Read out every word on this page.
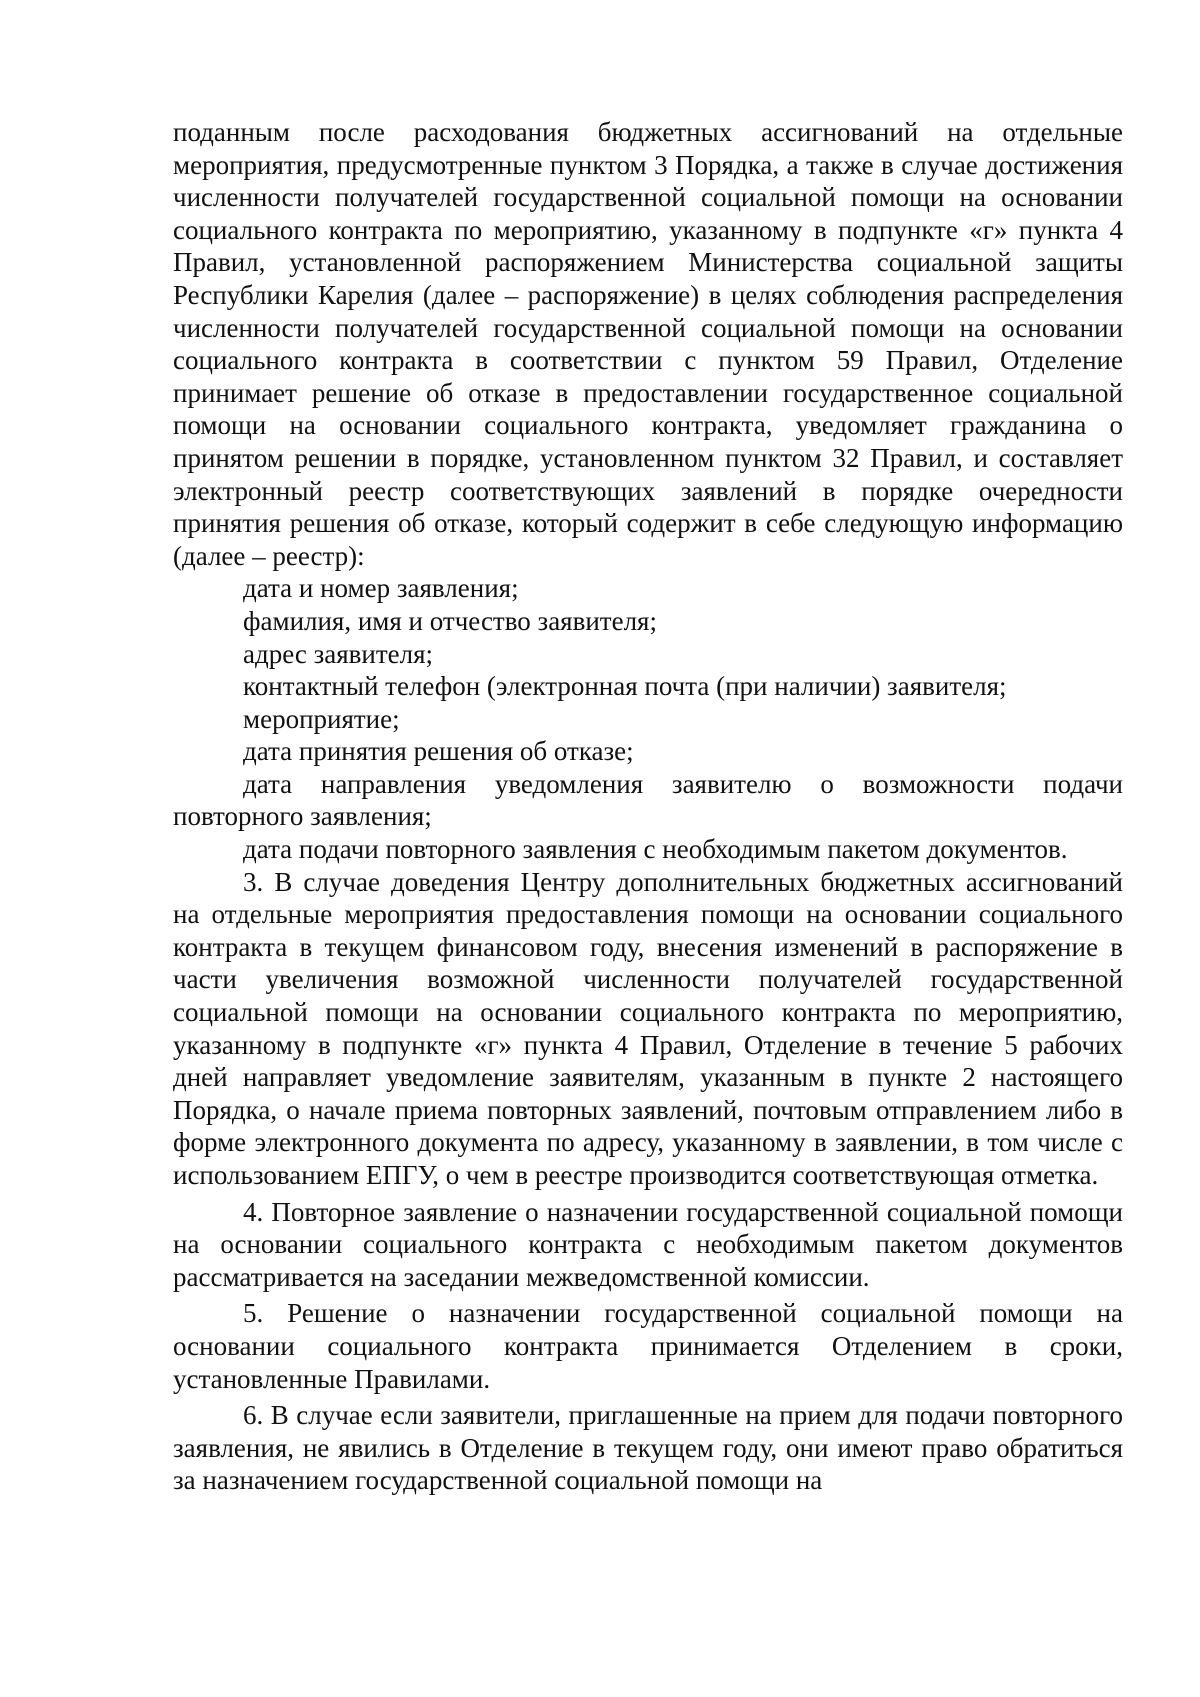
поданным после расходования бюджетных ассигнований на отдельные мероприятия, предусмотренные пунктом 3 Порядка, а также в случае достижения численности получателей государственной социальной помощи на основании социального контракта по мероприятию, указанному в подпункте «г» пункта 4 Правил, установленной распоряжением Министерства социальной защиты Республики Карелия (далее – распоряжение) в целях соблюдения распределения численности получателей государственной социальной помощи на основании социального контракта в соответствии с пунктом 59 Правил, Отделение принимает решение об отказе в предоставлении государственное социальной помощи на основании социального контракта, уведомляет гражданина о принятом решении в порядке, установленном пунктом 32 Правил, и составляет электронный реестр соответствующих заявлений в порядке очередности принятия решения об отказе, который содержит в себе следующую информацию (далее – реестр):

дата и номер заявления;

фамилия, имя и отчество заявителя;

адрес заявителя;

контактный телефон (электронная почта (при наличии) заявителя;

мероприятие;

дата принятия решения об отказе;

дата направления уведомления заявителю о возможности подачи повторного заявления;

дата подачи повторного заявления с необходимым пакетом документов.

3. В случае доведения Центру дополнительных бюджетных ассигнований на отдельные мероприятия предоставления помощи на основании социального контракта в текущем финансовом году, внесения изменений в распоряжение в части увеличения возможной численности получателей государственной социальной помощи на основании социального контракта по мероприятию, указанному в подпункте «г» пункта 4 Правил, Отделение в течение 5 рабочих дней направляет уведомление заявителям, указанным в пункте 2 настоящего Порядка, о начале приема повторных заявлений, почтовым отправлением либо в форме электронного документа по адресу, указанному в заявлении, в том числе с использованием ЕПГУ, о чем в реестре производится соответствующая отметка.

4. Повторное заявление о назначении государственной социальной помощи на основании социального контракта с необходимым пакетом документов рассматривается на заседании межведомственной комиссии.

5. Решение о назначении государственной социальной помощи на основании социального контракта принимается Отделением в сроки, установленные Правилами.

6. В случае если заявители, приглашенные на прием для подачи повторного заявления, не явились в Отделение в текущем году, они имеют право обратиться за назначением государственной социальной помощи на
